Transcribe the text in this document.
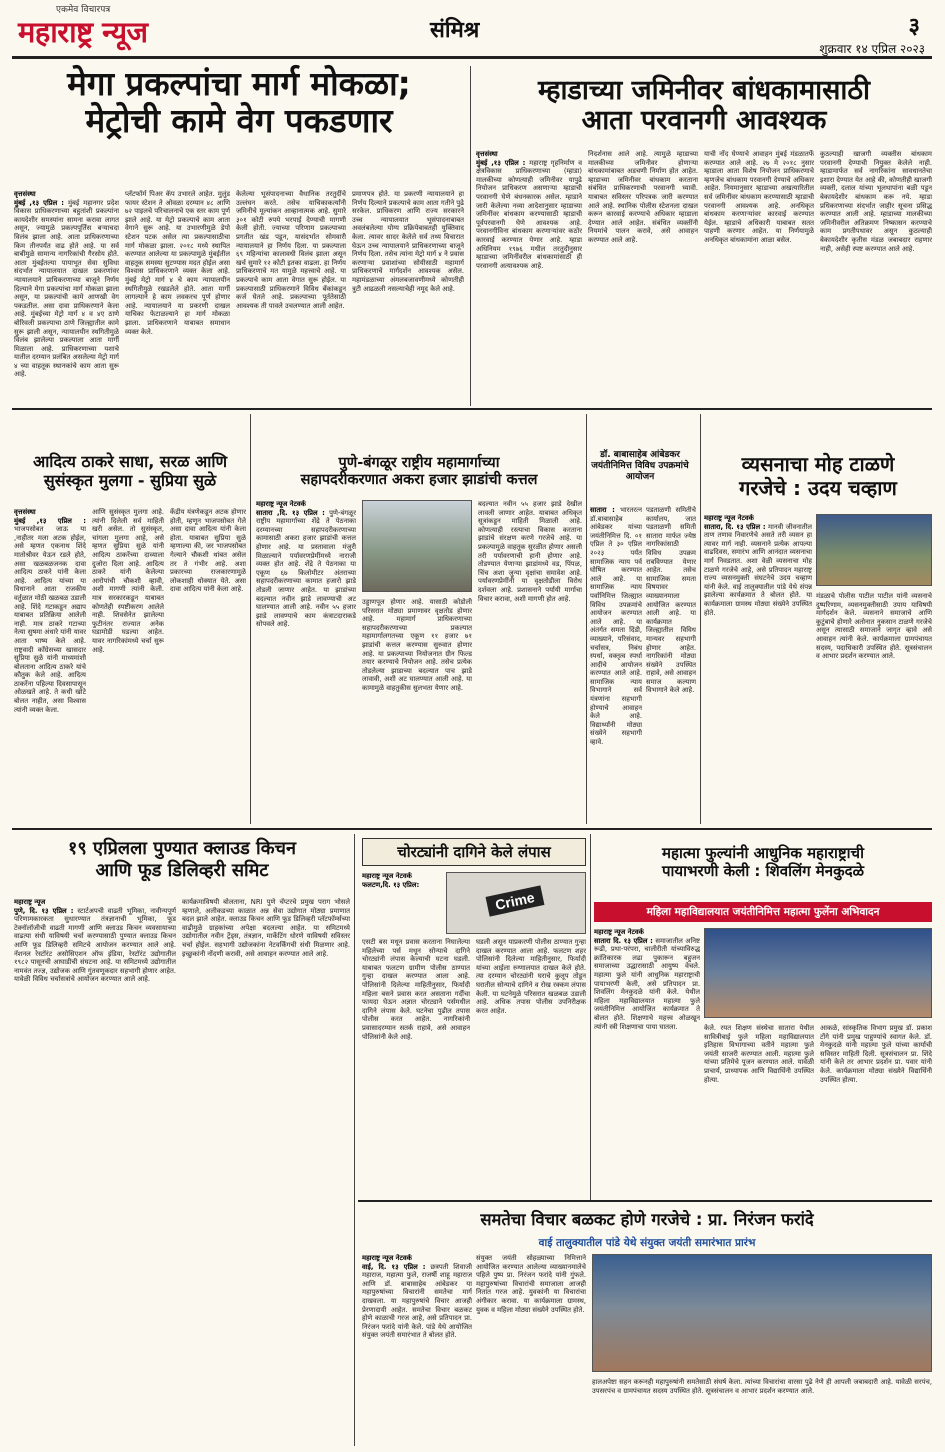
एकमेव विचारपत्र
महाराष्ट्र न्यूज	संमिश्र	३
शुक्रवार १४ एप्रिल २०२३
मेगा प्रकल्पांचा मार्ग मोकळा;
मेट्रोची कामे वेग पकडणार
वृत्तसंस्था
मुंबई ,१३ एप्रिल : मुंबई महानगर प्रदेश विकास प्राधिकरणाच्या बहुतांशी प्रकल्पांना कायदेशीर समस्यांना सामना करावा लागत असून, ज्यामुळे प्रकल्पपूर्तिस बऱ्याचदा विलंब झाला आहे. आता प्राधिकरणाच्या किम तीनपर्यंत वाढ होते आहे. या सर्व बाबींमुळे सामान्य नागरिकांची गैरसोय होते. आता मुंबईतल्या पायाभूत सेवा सुविधा संदर्भात न्यायालयात दाखल प्रकरणांवर न्यायालयाने प्राधिकरणाच्या बाजूने निर्णय दिल्याने मेगा प्रकल्पांचा मार्ग मोकळा झाला असून, या प्रकल्पांची कामे आणखी वेग पकडतील. असा दावा प्राधिकरणाने केला आहे. मुंबईच्या मेट्रो मार्ग ४ व ४ए ठाणे बोरिवली प्रकल्पाचा ठाणे जिल्ह्यातील कामे सुरू झाली असून, न्यायालयीन स्थगितीमुळे विलंब झालेल्या प्रकल्पाला आता मार्गी मिळाला आहे. प्राधिकरणाच्या यशाचे यातील दरम्यान प्रलंबित असलेल्या मेट्रो मार्ग ४ च्या वाहतूक स्थानकांचे काम आता सुरू आहे.
प्लॅटफॉर्म पिअर कॅप उभारले आहेत. मुलुंड फायर स्टेशन ते ओवळा दरम्यान ४८ आणि ७२ पाइलचे परिचालनाचे एक स्तर काम पूर्ण झाले आहे. या मेट्रो प्रकल्पाचे काम आता वेगाने सुरू आहे. या उभारणीमुळे डेपो स्टेशन पटक असेल त्या प्रकल्पासाठीचा मार्ग मोकळा झाला. २०१८ मध्ये स्थापित करण्यात आलेल्या या प्रकल्पामुळे मुंबईतील वाहतूक समस्या सुटण्यास मदत होईल असा विश्वास प्राधिकरणाने व्यक्त केला आहे. मुंबई मेट्रो मार्ग ४ चे काम न्यायालयीन स्थगितीमुळे रखडलेले होते. आता मार्गी लागल्याने हे काम लवकरच पूर्ण होणार आहे. न्यायालयाने या प्रकरणी दाखल याचिका फेटाळल्याने हा मार्ग मोकळा झाला. प्राधिकरणाने याबाबत समाधान व्यक्त केले.
केलेल्या भूसंपादनाच्या वैधानिक तरतुदींचे उल्लंघन करते. तसेच याचिकाकर्त्यांनी जमिनीचे मूल्यांकन आव्हानात्मक आहे. सुमारे ३०१ कोटी रुपये भरपाई देण्याची मागणी केली होती. ज्याच्या परिणाम प्रकल्पाच्या प्रगतीत खंड पडून, यासंदर्भात सोमवारी न्यायालयाने हा निर्णय दिला. या प्रकल्पाला ६९ महिन्यांचा कालावधी विलंब झाला असून खर्च सुमारे १२ कोटी इतका वाढला. हा निर्णय प्राधिकरणाचे मत यामुळे महत्त्वाचे आहे. या प्रकल्पाचे काम आता वेगात सुरू होईल. या प्रकल्पासाठी प्राधिकरणाने विविध बँकांकडून कर्ज घेतले आहे. प्रकल्पाच्या पूर्ततेसाठी आवश्यक ती पावले उचलण्यात आली आहेत.
प्रमाणपत्र होते. या प्रकरणी न्यायालयाने हा निर्णय दिल्याने प्रकल्पाचे काम आता गतीने पुढे सरकेल. प्राधिकरण आणि राज्य सरकारने उच्च न्यायालयात भूसंपादनाबाबत अवलंबलेल्या योग्य प्रक्रियेबाबतही युक्तिवाद केला. त्यावर सादर केलेले सर्व तथ्य विचारात घेऊन उच्च न्यायालयाने प्राधिकरणाच्या बाजूने निर्णय दिला. तसेच त्यांना मेट्रो मार्ग ४ ने प्रवास करणाऱ्या प्रवाशांच्या सोयीसाठी महामार्ग प्राधिकरणाचे मार्गदर्शन आवश्यक असेल. महामंडळाच्या अंमलबजावणीमध्ये कोणतीही त्रुटी आढळली नसल्याचेही नमूद केले आहे.
म्हाडाच्या जमिनीवर बांधकामासाठी
आता परवानगी आवश्यक
वृत्तसंस्था
मुंबई ,१३ एप्रिल : महाराष्ट्र गृहनिर्माण व क्षेत्रविकास प्राधिकरणाच्या (म्हाडा) मालकीच्या कोणत्याही जमिनीवर यापुढे नियोजन प्राधिकरण असणाऱ्या म्हाडाची परवानगी घेणे बंधनकारक असेल. म्हाडाने जारी केलेल्या नव्या आदेशानुसार म्हाडाच्या जमिनींवर बांधकाम करण्यासाठी म्हाडाची पूर्वपरवानगी घेणे आवश्यक आहे. परवानगीविना बांधकाम करणाऱ्यांवर कठोर कारवाई करण्यात येणार आहे. म्हाडा अधिनियम १९७६ मधील तरतुदीनुसार म्हाडाच्या जमिनींवरील बांधकामांसाठी ही परवानगी अत्यावश्यक आहे.
निदर्शनास आले आहे. त्यामुळे म्हाडाच्या मालकीच्या जमिनीवर होणाऱ्या बांधकामांबाबत अडचणी निर्माण होत आहेत. म्हाडाच्या जमिनीवर बांधकाम करताना संबंधित प्राधिकरणाची परवानगी घ्यावी. याबाबत सविस्तर परिपत्रक जारी करण्यात आले आहे. स्थानिक पोलीस स्टेशनला दाखल करून कारवाई करण्याचे अधिकार म्हाडाला देण्यात आले आहेत. संबंधित व्यक्तींनी नियमांचे पालन करावे, असे आवाहन करण्यात आले आहे.
याची नोंद घेण्याचे आवाहन मुंबई मंडळातर्फे करण्यात आले आहे. २७ मे २०१८ नुसार म्हाडाला आता विशेष नियोजन प्राधिकरणाचे म्हणजेच बांधकाम परवानगी देण्याचे अधिकार आहेत. नियमानुसार म्हाडाच्या अखत्यारितील सर्व जमिनींवर बांधकाम करण्यासाठी म्हाडाची परवानगी आवश्यक आहे. अनधिकृत बांधकाम करणाऱ्यांवर कारवाई करण्यात येईल. म्हाडाचे अधिकारी याबाबत सतत पाहणी करणार आहेत. या निर्णयामुळे अनधिकृत बांधकामांना आळा बसेल.
कुठल्याही खाजगी व्यक्तीस बांधकाम परवानगी देण्याची नियुक्त केलेले नाही. म्हाडामार्फत सर्व नागरिकांना सावधानतेचा इशारा देण्यात येत आहे की, कोणतीही खाजगी व्यक्ती, दलाल यांच्या भूलथापांना बळी पडून बेकायदेशीर बांधकाम करू नये. म्हाडा प्रधिकरणाच्या संदर्भात जाहीर सूचना प्रसिद्ध करण्यात आली आहे. म्हाडाच्या मालकीच्या जमिनीवरील अतिक्रमण निष्कासन करण्याचे काम प्रगतीपथावर असून कुठल्याही बेकायदेशीर कृतीस मंडळ जबाबदार राहणार नाही, असेही स्पष्ट करण्यात आले आहे.
आदित्य ठाकरे साधा, सरळ आणि
सुसंस्कृत मुलगा - सुप्रिया सुळे
वृत्तसंस्था
मुंबई ,१३ एप्रिल : भाजपसोबत जाऊ या ,नाहीतर मला अटक होईल, असे म्हणत एकनाथ शिंदे मातोश्रीवर येऊन रडले होते, असा खळबळजनक दावा आदित्य ठाकरे यांनी केला आहे. आदित्य यांच्या या विधानाने आता राजकीय वर्तुळात मोठी खळबळ उडाली आहे. शिंदे गटाकडून अद्याप याबाबत प्रतिक्रिया आलेली नाही. मात्र ठाकरे गटाच्या नेत्या सुषमा अंधारे यांनी यावर आता भाष्य केले आहे. राष्ट्रवादी काँग्रेसच्या खासदार सुप्रिया सुळे यांनी माध्यमांशी बोलताना आदित्य ठाकरे यांचे कौतुक केले आहे. आदित्य ठाकरेंना पहिल्या दिवसापासून ओळखते आहे. ते कधी खोटे बोलत नाहीत, असा विश्वास त्यांनी व्यक्त केला.
आणि सुसंस्कृत मुलगा आहे. त्यांनी दिलेली सर्व माहिती खरी असेल. तो सुसंस्कृत, चांगला मुलगा आहे, असे म्हणत सुप्रिया सुळे यांनी आदित्य ठाकरेंच्या दाव्याला दुजोरा दिला आहे. आदित्य ठाकरे यांनी केलेल्या आरोपांची चौकशी व्हावी, अशी मागणी त्यांनी केली. मात्र सरकारकडून याबाबत कोणतेही स्पष्टीकरण आलेले नाही. शिवसेनेत झालेल्या फुटीनंतर राज्यात अनेक घडामोडी घडल्या आहेत. यावर नागरिकांमध्ये चर्चा सुरू आहे.
केंद्रीय यंत्रणेकडून अटक होणार होती, म्हणून भाजपसोबत गेले असा दावा आदित्य यांनी केला होता. याबाबत सुप्रिया सुळे म्हणाल्या की, जर भाजपसोबत गेल्याने चौकशी थांबत असेल तर ते गंभीर आहे. अशा प्रकारच्या राजकारणामुळे लोकशाही धोक्यात येते. असा दावा आदित्य यांनी केला आहे.
पुणे-बंगळूर राष्ट्रीय महामार्गाच्या
सहापदरीकरणात अकरा हजार झाडांची कत्तल
महाराष्ट्र न्यूज नेटवर्क
सातारा ,दि. १३ एप्रिल : पुणे-बंगळूर राष्ट्रीय महामार्गाच्या शेंद्रे ते पेठनाका दरम्यानच्या सहापदरीकरणाच्या कामासाठी अकरा हजार झाडांची कत्तल होणार आहे. या प्रस्तावाला मंजुरी मिळाल्याने पर्यावरणप्रेमींमध्ये नाराजी व्यक्त होत आहे. शेंद्रे ते पेठनाका या एकूण ६७ किलोमीटर अंतराच्या सहापदरीकरणाच्या कामात हजारो झाडे तोडली जाणार आहेत. या झाडांच्या बदल्यात नवीन झाडे लावण्याची अट घालण्यात आली आहे. नवीन ५५ हजार झाडे लावण्याचे काम कंत्राटदाराकडे सोपवले आहे.
उड्डाणपूल होणार आहे. यासाठी कोडोली परिसरात मोठ्या प्रमाणावर वृक्षतोड होणार आहे. महामार्ग प्राधिकरणाच्या सहापदरीकरणाच्या प्रकल्पात महामार्गालगतच्या एकूण ११ हजार ७१ झाडांची कत्तल करण्यास सुरुवात होणार आहे. या प्रकल्पाच्या नियोजनात ग्रीन फिल्ड तयार करण्याचे नियोजन आहे. तसेच प्रत्येक तोडलेल्या झाडाच्या बदल्यात पाच झाडे लावावी, अशी अट घालण्यात आली आहे. या कामामुळे वाहतुकीस सुलभता येणार आहे.
बदल्यात नवीन ५५ हजार झाडे देखील लावली जाणार आहेत. याबाबत अधिकृत सूत्रांकडून माहिती मिळाली आहे. कोणत्याही रस्त्याचा विकास करताना झाडांचे संरक्षण करणे गरजेचे आहे. या प्रकल्पामुळे वाहतूक सुरळीत होणार असली तरी पर्यावरणाची हानी होणार आहे. तोडण्यात येणाऱ्या झाडांमध्ये वड, पिंपळ, चिंच अशा जुन्या वृक्षांचा समावेश आहे. पर्यावरणप्रेमींनी या वृक्षतोडीला विरोध दर्शवला आहे. प्रशासनाने पर्यायी मार्गाचा विचार करावा, अशी मागणी होत आहे.
डॉ. बाबासाहेब आंबेडकर जयंतीनिमित्त विविध उपक्रमांचे आयोजन
सातारा : भारतरत्न डॉ.बाबासाहेब आंबेडकर यांच्या जयंतीनिमित्त दि. ०१ एप्रिल ते ३० एप्रिल २०२३ पर्यंत सामाजिक न्याय पर्व घोषित करण्यात आले आहे. या सामाजिक न्याय पर्वानिमित्त जिल्ह्यात विविध उपक्रमांचे आयोजन करण्यात आले आहे. या अंतर्गत समता दिंडी, व्याख्याने, परिसंवाद, चर्चासत्र, निबंध स्पर्धा, वक्तृत्व स्पर्धा आदींचे आयोजन करण्यात आले आहे. सामाजिक न्याय विभागाने सर्व यंत्रणांना सहभागी होण्याचे आवाहन केले आहे. विद्यार्थ्यांनी मोठ्या संख्येने सहभागी व्हावे.
पडताळणी समितीचे कार्यालय, जात पडताळणी समिती सातारा मार्फत ज्येष्ठ नागरिकांसाठी विविध उपक्रम राबविण्यात येणार आहेत. तसेच सामाजिक समता विषयावर व्याख्यानमाला आयोजित करण्यात आली आहे. या कार्यक्रमात जिल्ह्यातील विविध मान्यवर सहभागी होणार आहेत. नागरिकांनी मोठ्या संख्येने उपस्थित राहावे, असे आवाहन समाज कल्याण विभागाने केले आहे.
व्यसनाचा मोह टाळणे
गरजेचे : उदय चव्हाण
महाराष्ट्र न्यूज नेटवर्क
सातारा, दि. १३ एप्रिल : मानवी जीवनातील ताण तणाव निवारणेचे असते तरी व्यसन हा त्यावर मार्ग नाही. व्यसनाने प्रत्येक आपल्या वाढदिवस, समारंभ आणि आनंदात व्यसनाचा मार्ग निवडतात. अशा वेळी व्यसनाचा मोह टाळणे गरजेचे आहे, असे प्रतिपादन महाराष्ट्र राज्य व्यसनमुक्ती संघटनेचे उदय चव्हाण यांनी केले. वाई तालुक्यातील पांडे येथे संपन्न झालेल्या कार्यक्रमात ते बोलत होते. या कार्यक्रमाला ग्रामस्थ मोठ्या संख्येने उपस्थित होते.
मंडळाचे पोलीस पाटील पाटील यांनी व्यसनाचे दुष्परिणाम, व्यसनमुक्तीसाठी उपाय याविषयी मार्गदर्शन केले. व्यसनाने समाजाचे आणि कुटुंबाचे होणारे अतोनात नुकसान टाळणे गरजेचे असून त्यासाठी समाजाने जागृत व्हावे असे आवाहन त्यांनी केले. कार्यक्रमाला ग्रामपंचायत सदस्य, पदाधिकारी उपस्थित होते. सूत्रसंचालन व आभार प्रदर्शन करण्यात आले.
१९ एप्रिलला पुण्यात क्लाउड किचन
आणि फूड डिलिव्हरी समिट
महाराष्ट्र न्यूज
पुणे, दि. १३ एप्रिल : स्टार्टअपची वाढती भूमिका, नावीन्यपूर्ण परिणामकारकता सुधारण्यात तंत्रज्ञानाची भूमिका, फूड टेक्नॉलॉजीची वाढती मागणी आणि क्लाउड किचन व्यवसायाच्या वाढत्या संधी याविषयी चर्चा करण्यासाठी पुण्यात क्लाउड किचन आणि फूड डिलिव्हरी समिटचे आयोजन करण्यात आले आहे. नॅशनल रेस्टॉरंट असोसिएशन ऑफ इंडिया, रेस्टॉरंट उद्योगातील १९८२ पासूनची आघाडीची संघटना आहे. या समिटमध्ये उद्योगातील नामवंत तज्ज्ञ, उद्योजक आणि गुंतवणूकदार सहभागी होणार आहेत. यावेळी विविध चर्चासत्रांचे आयोजन करण्यात आले आहे.
कार्यक्रमाविषयी बोलताना, NRI पुणे चॅप्टरचे प्रमुख पराग भोसले म्हणाले, अलीकडच्या काळात अन्न सेवा उद्योगात मोठ्या प्रमाणात बदल झाले आहेत. क्लाउड किचन आणि फूड डिलिव्हरी प्लॅटफॉर्म्सच्या वाढीमुळे ग्राहकांच्या अपेक्षा बदलल्या आहेत. या समिटमध्ये उद्योगातील नवीन ट्रेंड्स, तंत्रज्ञान, मार्केटिंग धोरणे याविषयी सविस्तर चर्चा होईल. सहभागी उद्योजकांना नेटवर्किंगची संधी मिळणार आहे. इच्छुकांनी नोंदणी करावी, असे आवाहन करण्यात आले आहे.
चोरट्यांनी दागिने केले लंपास
महाराष्ट्र न्यूज नेटवर्क
फलटण,दि. १३ एप्रिल:
Crime
एसटी बस मधून प्रवास करताना निघालेल्या महिलेच्या पर्स मधून सोन्याचे दागिने चोरट्यांनी लंपास केल्याची घटना घडली. याबाबत फलटण ग्रामीण पोलीस ठाण्यात गुन्हा दाखल करण्यात आला आहे. पोलिसांनी दिलेल्या माहितीनुसार, फिर्यादी महिला बसने प्रवास करत असताना गर्दीचा फायदा घेऊन अज्ञात चोरट्याने पर्समधील दागिने लंपास केले. घटनेचा पुढील तपास पोलीस करत आहेत. नागरिकांनी प्रवासादरम्यान सतर्क राहावे, असे आवाहन पोलिसांनी केले आहे.
घडली असून याप्रकरणी पोलीस ठाण्यात गुन्हा दाखल करण्यात आला आहे. फलटण शहर पोलिसांनी दिलेल्या माहितीनुसार, फिर्यादी यांच्या आईला रुग्णालयात दाखल केले होते. त्या दरम्यान चोरट्यांनी घराचे कुलूप तोडून घरातील सोन्याचे दागिने व रोख रक्कम लंपास केली. या घटनेमुळे परिसरात खळबळ उडाली आहे. अधिक तपास पोलीस उपनिरीक्षक करत आहेत.
महात्मा फुल्यांनी आधुनिक महाराष्ट्राची
पायाभरणी केली : शिवलिंग मेनकुदळे
महिला महाविद्यालयात जयंतीनिमित्त महात्मा फुलेंना अभिवादन
महाराष्ट्र न्यूज नेटवर्क
सातारा दि. १३ एप्रिल : समाजातील अनिष्ट रूढी, प्रथा-परंपरा, चालीरीती यांच्याविरुद्ध क्रांतिकारक लढा पुकारून बहुजन समाजाच्या उद्धारासाठी आयुष्य वेचले. महात्मा फुले यांनी आधुनिक महाराष्ट्राची पायाभरणी केली, असे प्रतिपादन प्रा. शिवलिंग मेनकुदळे यांनी केले. येथील महिला महाविद्यालयात महात्मा फुले जयंतीनिमित्त आयोजित कार्यक्रमात ते बोलत होते. शिक्षणाचे महत्त्व ओळखून त्यांनी स्त्री शिक्षणाचा पाया घातला.	केले. रयत शिक्षण संस्थेचा सातारा येथील सावित्रीबाई फुले महिला महाविद्यालयात इतिहास विभागाच्या वतीने महात्मा फुले जयंती साजरी करण्यात आली. महात्मा फुले यांच्या प्रतिमेचे पूजन करण्यात आले. यावेळी प्राचार्य, प्राध्यापक आणि विद्यार्थिनी उपस्थित होत्या.
आकळे, सांस्कृतिक विभाग प्रमुख डॉ. प्रकाश टोंगे यांनी प्रमुख पाहुण्यांचे स्वागत केले. डॉ. मेनकुदळे यांनी महात्मा फुले यांच्या कार्याची सविस्तर माहिती दिली. सूत्रसंचालन प्रा. शिंदे यांनी केले तर आभार प्रदर्शन प्रा. पवार यांनी केले. कार्यक्रमाला मोठ्या संख्येने विद्यार्थिनी उपस्थित होत्या.
समतेचा विचार बळकट होणे गरजेचे : प्रा. निरंजन फरांदे
वाई तालुक्यातील पांडे येथे संयुक्त जयंती समारंभात प्रारंभ
महाराष्ट्र न्यूज नेटवर्क
वाई, दि. १३ एप्रिल : छत्रपती शिवाजी महाराज, महात्मा फुले, राजर्षी शाहू महाराज आणि डॉ. बाबासाहेब आंबेडकर या महापुरुषांच्या विचारांनी समतेचा मार्ग दाखवला. या महापुरुषांचे विचार आजही प्रेरणादायी आहेत. समतेचा विचार बळकट होणे काळाची गरज आहे, असे प्रतिपादन प्रा. निरंजन फरांदे यांनी केले. पांडे येथे आयोजित संयुक्त जयंती समारंभात ते बोलत होते.
संयुक्त जयंती सोहळ्याच्या निमित्ताने आयोजित करण्यात आलेल्या व्याख्यानमालेचे पहिले पुष्प प्रा. निरंजन फरांदे यांनी गुंफले. महापुरुषांच्या विचारांची समाजाला आजही नितांत गरज आहे. युवकांनी या विचारांचा अंगीकार करावा. या कार्यक्रमाला ग्रामस्थ, युवक व महिला मोठ्या संख्येने उपस्थित होते.
हालअपेष्टा सहन करूनही महापुरुषांनी समतेसाठी संघर्ष केला. त्यांच्या विचारांचा वारसा पुढे नेणे ही आपली जबाबदारी आहे. यावेळी सरपंच, उपसरपंच व ग्रामपंचायत सदस्य उपस्थित होते. सूत्रसंचालन व आभार प्रदर्शन करण्यात आले.
